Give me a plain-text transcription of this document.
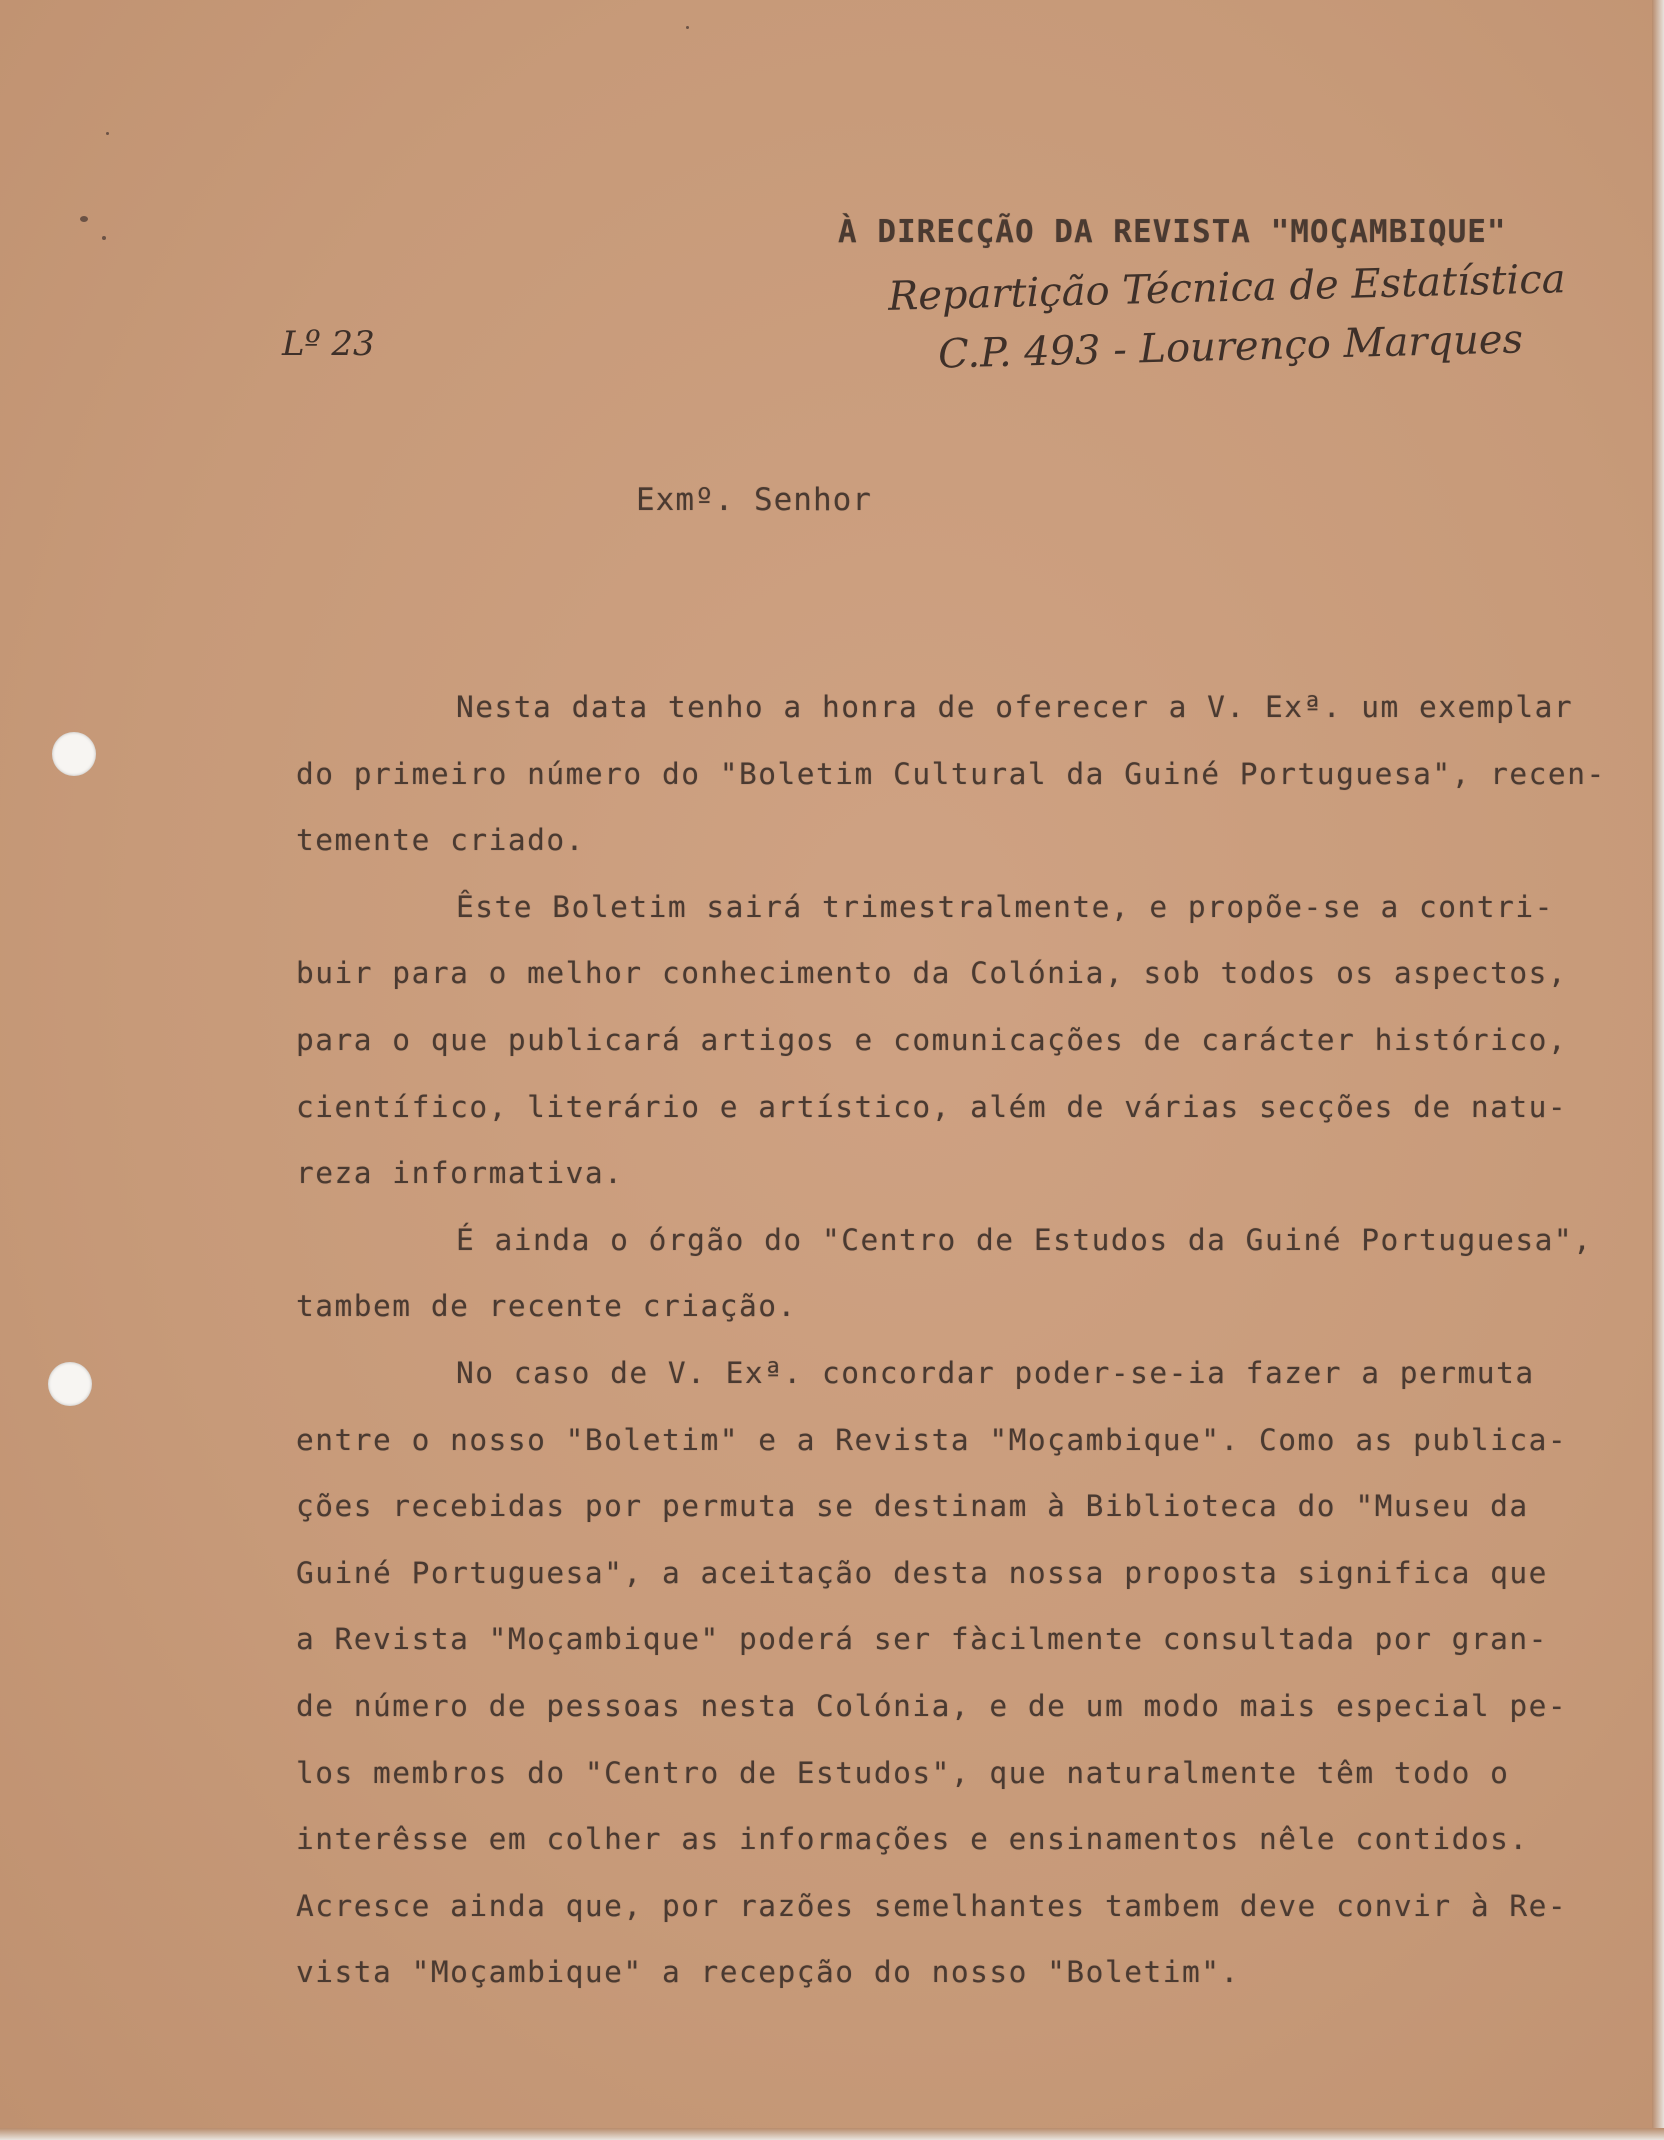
À DIRECÇÃO DA REVISTA "MOÇAMBIQUE"
Repartição Técnica de Estatística
C.P. 493 - Lourenço Marques
Lº 23
Exmº. Senhor
Nesta data tenho a honra de oferecer a V. Exª. um exemplar
do primeiro número do "Boletim Cultural da Guiné Portuguesa", recen-
temente criado.
Êste Boletim sairá trimestralmente, e propõe-se a contri-
buir para o melhor conhecimento da Colónia, sob todos os aspectos,
para o que publicará artigos e comunicações de carácter histórico,
científico, literário e artístico, além de várias secções de natu-
reza informativa.
É ainda o órgão do "Centro de Estudos da Guiné Portuguesa",
tambem de recente criação.
No caso de V. Exª. concordar poder-se-ia fazer a permuta
entre o nosso "Boletim" e a Revista "Moçambique". Como as publica-
ções recebidas por permuta se destinam à Biblioteca do "Museu da
Guiné Portuguesa", a aceitação desta nossa proposta significa que
a Revista "Moçambique" poderá ser fàcilmente consultada por gran-
de número de pessoas nesta Colónia, e de um modo mais especial pe-
los membros do "Centro de Estudos", que naturalmente têm todo o
interêsse em colher as informações e ensinamentos nêle contidos.
Acresce ainda que, por razões semelhantes tambem deve convir à Re-
vista "Moçambique" a recepção do nosso "Boletim".
